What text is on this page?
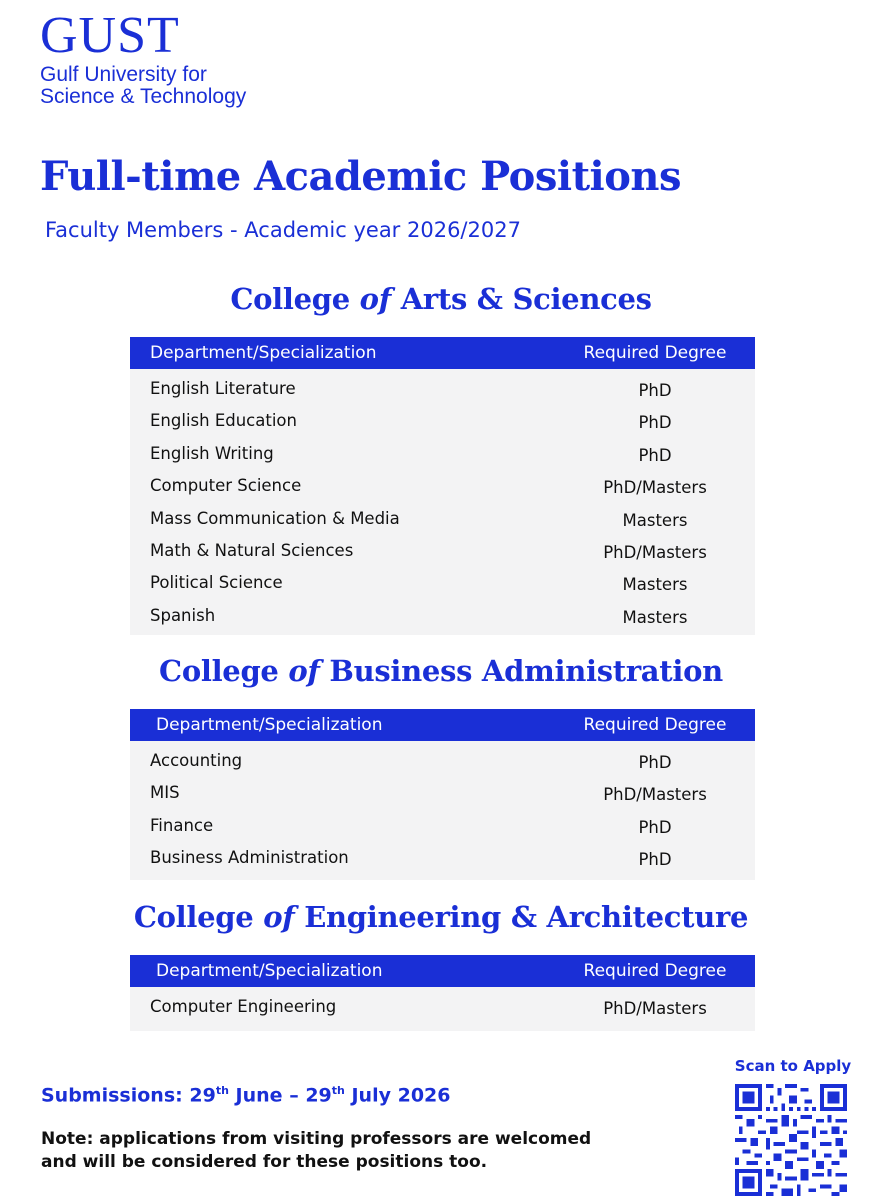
GUST
Gulf University for
Science & Technology
Full-time Academic Positions
Faculty Members - Academic year 2026/2027
College of Arts & Sciences
Department/Specialization	Required Degree
English Literature	PhD
English Education	PhD
English Writing	PhD
Computer Science	PhD/Masters
Mass Communication & Media	Masters
Math & Natural Sciences	PhD/Masters
Political Science	Masters
Spanish	Masters
College of Business Administration
Department/Specialization	Required Degree
Accounting	PhD
MIS	PhD/Masters
Finance	PhD
Business Administration	PhD
College of Engineering & Architecture
Department/Specialization	Required Degree
Computer Engineering	PhD/Masters
Submissions: 29th June – 29th July 2026
Note: applications from visiting professors are welcomed
and will be considered for these positions too.
Scan to Apply
